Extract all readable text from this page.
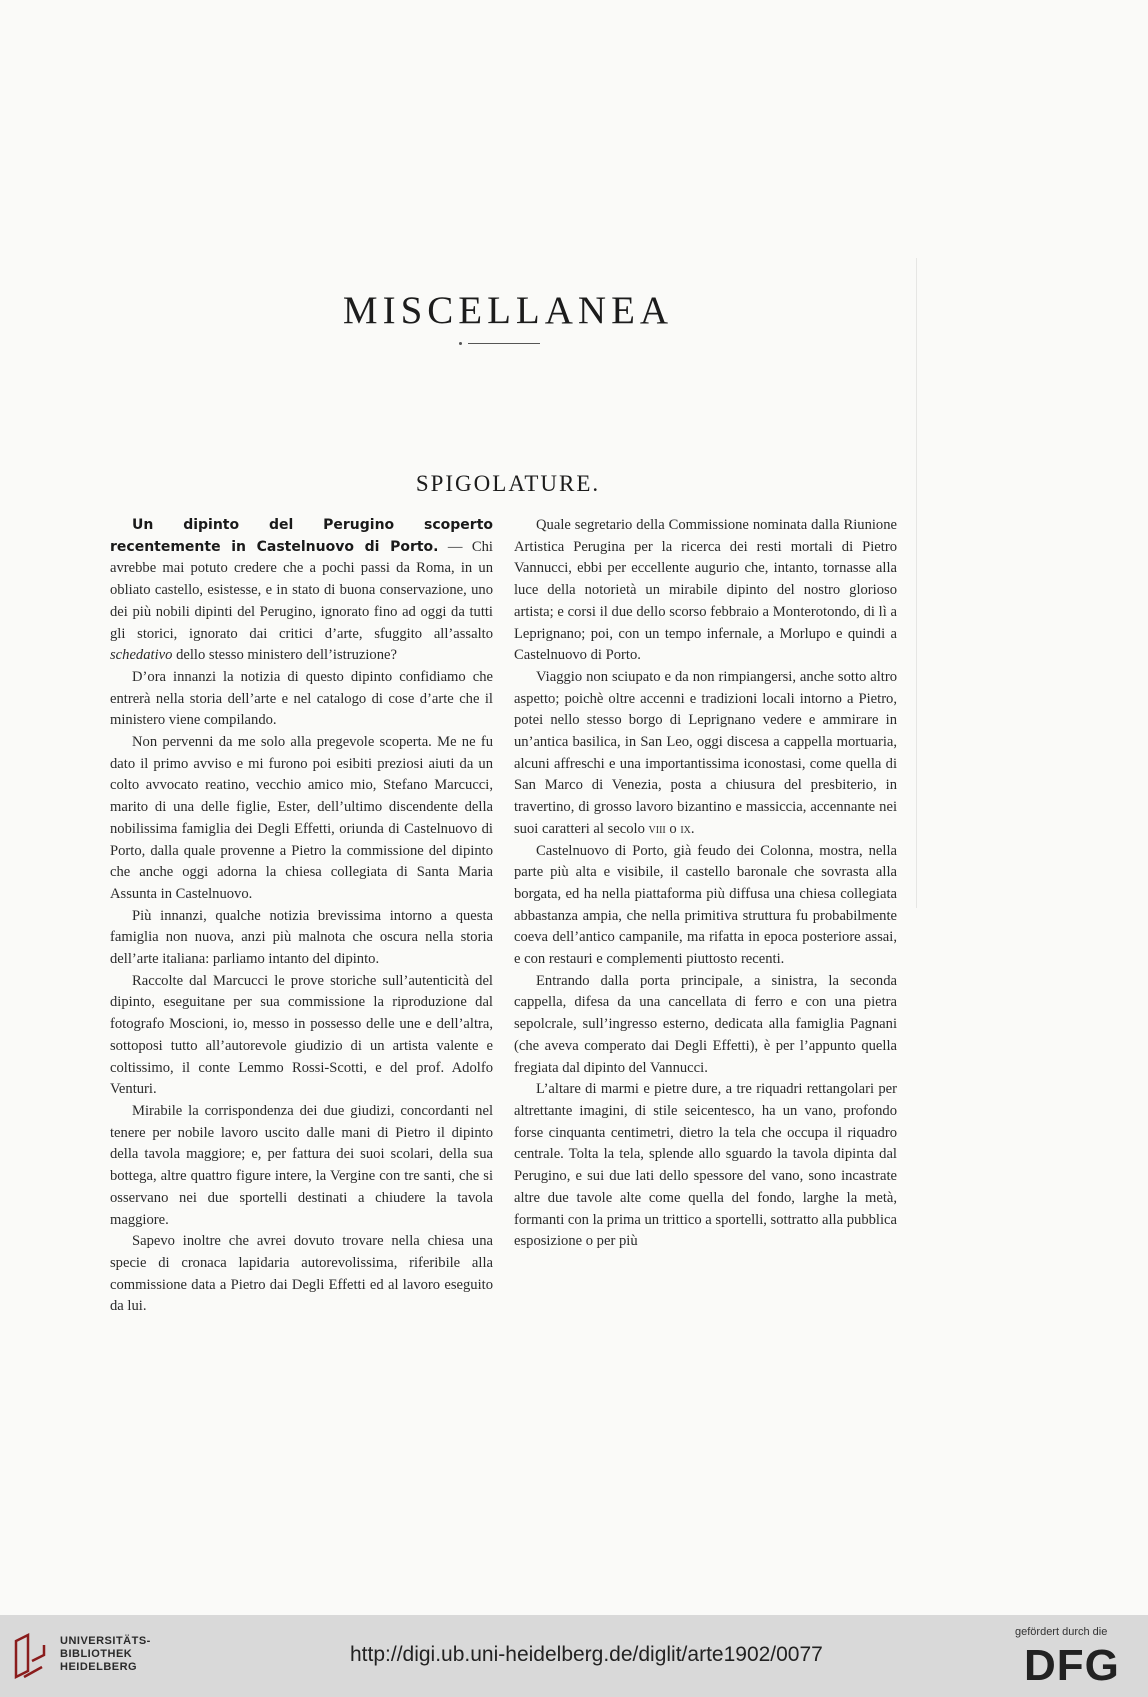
MISCELLANEA
SPIGOLATURE.

Un dipinto del Perugino scoperto recentemente in Castelnuovo di Porto. — Chi avrebbe mai potuto credere che a pochi passi da Roma, in un obliato castello, esistesse, e in stato di buona conservazione, uno dei più nobili dipinti del Perugino, ignorato fino ad oggi da tutti gli storici, ignorato dai critici d’arte, sfuggito all’assalto schedativo dello stesso ministero dell’istruzione?

D’ora innanzi la notizia di questo dipinto confidiamo che entrerà nella storia dell’arte e nel catalogo di cose d’arte che il ministero viene compilando.

Non pervenni da me solo alla pregevole scoperta. Me ne fu dato il primo avviso e mi furono poi esibiti preziosi aiuti da un colto avvocato reatino, vecchio amico mio, Stefano Marcucci, marito di una delle figlie, Ester, dell’ultimo discendente della nobilissima famiglia dei Degli Effetti, oriunda di Castelnuovo di Porto, dalla quale provenne a Pietro la commissione del dipinto che anche oggi adorna la chiesa collegiata di Santa Maria Assunta in Castelnuovo.

Più innanzi, qualche notizia brevissima intorno a questa famiglia non nuova, anzi più malnota che oscura nella storia dell’arte italiana: parliamo intanto del dipinto.

Raccolte dal Marcucci le prove storiche sull’autenticità del dipinto, eseguitane per sua commissione la riproduzione dal fotografo Moscioni, io, messo in possesso delle une e dell’altra, sottoposi tutto all’autorevole giudizio di un artista valente e coltissimo, il conte Lemmo Rossi-Scotti, e del prof. Adolfo Venturi.

Mirabile la corrispondenza dei due giudizi, concordanti nel tenere per nobile lavoro uscito dalle mani di Pietro il dipinto della tavola maggiore; e, per fattura dei suoi scolari, della sua bottega, altre quattro figure intere, la Vergine con tre santi, che si osservano nei due sportelli destinati a chiudere la tavola maggiore.

Sapevo inoltre che avrei dovuto trovare nella chiesa una specie di cronaca lapidaria autorevolissima, riferibile alla commissione data a Pietro dai Degli Effetti ed al lavoro eseguito da lui.

Quale segretario della Commissione nominata dalla Riunione Artistica Perugina per la ricerca dei resti mortali di Pietro Vannucci, ebbi per eccellente augurio che, intanto, tornasse alla luce della notorietà un mirabile dipinto del nostro glorioso artista; e corsi il due dello scorso febbraio a Monterotondo, di lì a Leprignano; poi, con un tempo infernale, a Morlupo e quindi a Castelnuovo di Porto.

Viaggio non sciupato e da non rimpiangersi, anche sotto altro aspetto; poichè oltre accenni e tradizioni locali intorno a Pietro, potei nello stesso borgo di Leprignano vedere e ammirare in un’antica basilica, in San Leo, oggi discesa a cappella mortuaria, alcuni affreschi e una importantissima iconostasi, come quella di San Marco di Venezia, posta a chiusura del presbiterio, in travertino, di grosso lavoro bizantino e massiccia, accennante nei suoi caratteri al secolo viii o ix.

Castelnuovo di Porto, già feudo dei Colonna, mostra, nella parte più alta e visibile, il castello baronale che sovrasta alla borgata, ed ha nella piattaforma più diffusa una chiesa collegiata abbastanza ampia, che nella primitiva struttura fu probabilmente coeva dell’antico campanile, ma rifatta in epoca posteriore assai, e con restauri e complementi piuttosto recenti.

Entrando dalla porta principale, a sinistra, la seconda cappella, difesa da una cancellata di ferro e con una pietra sepolcrale, sull’ingresso esterno, dedicata alla famiglia Pagnani (che aveva comperato dai Degli Effetti), è per l’appunto quella fregiata dal dipinto del Vannucci.

L’altare di marmi e pietre dure, a tre riquadri rettangolari per altrettante imagini, di stile seicentesco, ha un vano, profondo forse cinquanta centimetri, dietro la tela che occupa il riquadro centrale. Tolta la tela, splende allo sguardo la tavola dipinta dal Perugino, e sui due lati dello spessore del vano, sono incastrate altre due tavole alte come quella del fondo, larghe la metà, formanti con la prima un trittico a sportelli, sottratto alla pubblica esposizione o per più

UNIVERSITÄTS-
BIBLIOTHEK
HEIDELBERG
http://digi.ub.uni-heidelberg.de/diglit/arte1902/0077
gefördert durch die
DFG
